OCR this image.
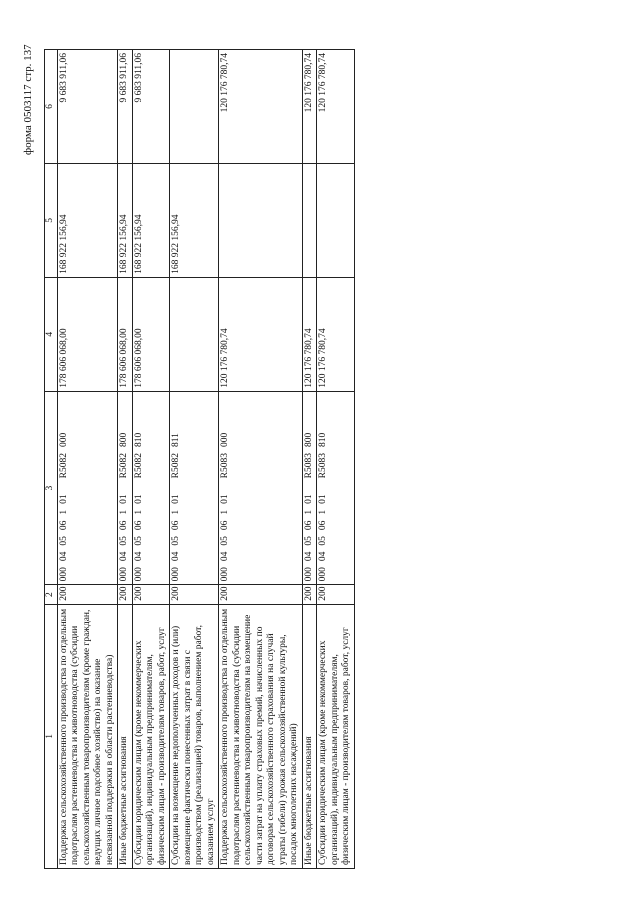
форма 0503117 стр. 137
1	2	3	4	5	6
Поддержка сельскохозяйственного производства по отдельным подотраслям растениеводства и животноводства (субсидии сельскохозяйственным товаропроизводителям (кроме граждан, ведущих личное подсобное хозяйство) на оказание несвязанной поддержки в области растениеводства)	200	000040506101R5082000	178 606 068,00	168 922 156,94	9 683 911,06
Иные бюджетные ассигнования	200	000040506101R5082800	178 606 068,00	168 922 156,94	9 683 911,06
Субсидии юридическим лицам (кроме некоммерческих организаций), индивидуальным предпринимателям, физическим лицам - производителям товаров, работ, услуг	200	000040506101R5082810	178 606 068,00	168 922 156,94	9 683 911,06
Субсидии на возмещение недополученных доходов и (или) возмещение фактически понесенных затрат в связи с производством (реализацией) товаров, выполнением работ, оказанием услуг	200	000040506101R5082811		168 922 156,94	
Поддержка сельскохозяйственного производства по отдельным подотраслям растениеводства и животноводства (субсидии сельскохозяйственным товаропроизводителям на возмещение части затрат на уплату страховых премий, начисленных по договорам сельскохозяйственного страхования на случай утраты (гибели) урожая сельскохозяйственной культуры, посадок многолетних насаждений)	200	000040506101R5083000	120 176 780,74		120 176 780,74
Иные бюджетные ассигнования	200	000040506101R5083800	120 176 780,74		120 176 780,74
Субсидии юридическим лицам (кроме некоммерческих организаций), индивидуальным предпринимателям, физическим лицам - производителям товаров, работ, услуг	200	000040506101R5083810	120 176 780,74		120 176 780,74
